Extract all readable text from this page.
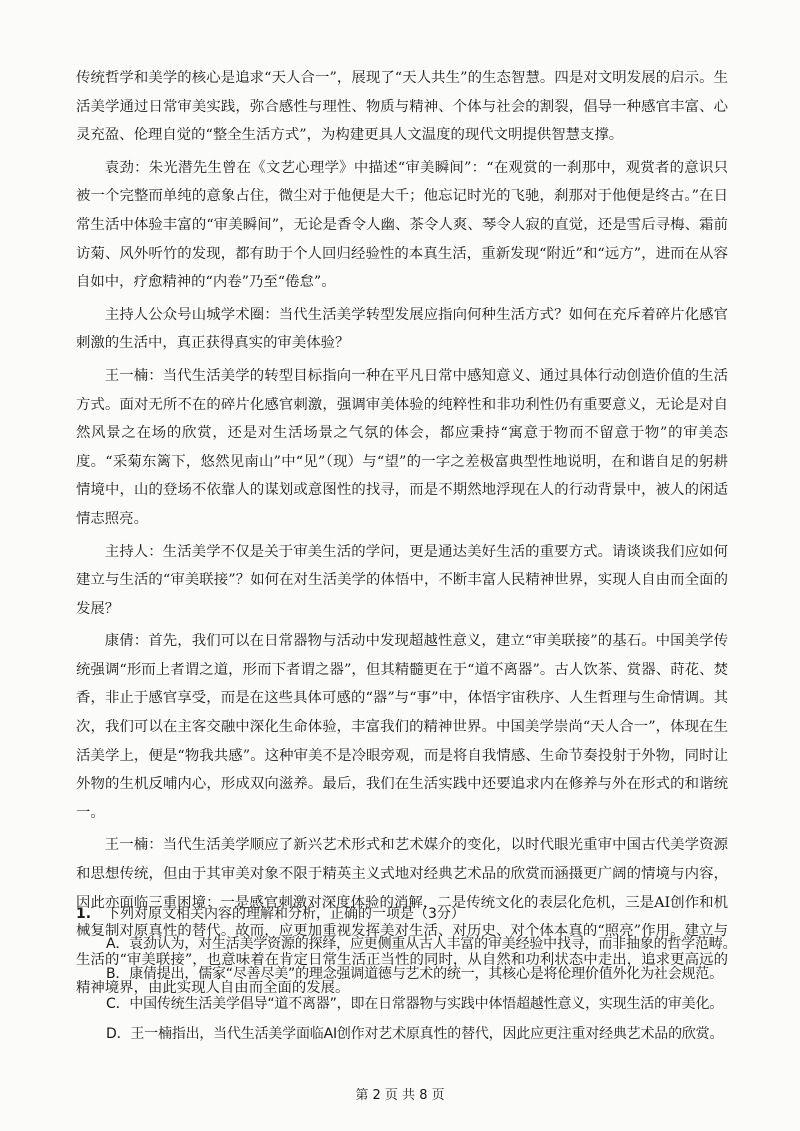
传统哲学和美学的核心是追求“天人合一”，展现了“天人共生”的生态智慧。四是对文明发展的启示。生活美学通过日常审美实践，弥合感性与理性、物质与精神、个体与社会的割裂，倡导一种感官丰富、心灵充盈、伦理自觉的“整全生活方式”，为构建更具人文温度的现代文明提供智慧支撑。

袁劲：朱光潜先生曾在《文艺心理学》中描述“审美瞬间”：“在观赏的一刹那中，观赏者的意识只被一个完整而单纯的意象占住，微尘对于他便是大千；他忘记时光的飞驰，刹那对于他便是终古。”在日常生活中体验丰富的“审美瞬间”，无论是香令人幽、茶令人爽、琴令人寂的直觉，还是雪后寻梅、霜前访菊、风外听竹的发现，都有助于个人回归经验性的本真生活，重新发现“附近”和“远方”，进而在从容自如中，疗愈精神的“内卷”乃至“倦怠”。

主持人公众号山城学术圈：当代生活美学转型发展应指向何种生活方式？如何在充斥着碎片化感官刺激的生活中，真正获得真实的审美体验？

王一楠：当代生活美学的转型目标指向一种在平凡日常中感知意义、通过具体行动创造价值的生活方式。面对无所不在的碎片化感官刺激，强调审美体验的纯粹性和非功利性仍有重要意义，无论是对自然风景之在场的欣赏，还是对生活场景之气氛的体会，都应秉持“寓意于物而不留意于物”的审美态度。“采菊东篱下，悠然见南山”中“见”（现）与“望”的一字之差极富典型性地说明，在和谐自足的躬耕情境中，山的登场不依靠人的谋划或意图性的找寻，而是不期然地浮现在人的行动背景中，被人的闲适情志照亮。

主持人：生活美学不仅是关于审美生活的学问，更是通达美好生活的重要方式。请谈谈我们应如何建立与生活的“审美联接”？如何在对生活美学的体悟中，不断丰富人民精神世界，实现人自由而全面的发展？

康倩：首先，我们可以在日常器物与活动中发现超越性意义，建立“审美联接”的基石。中国美学传统强调“形而上者谓之道，形而下者谓之器”，但其精髓更在于“道不离器”。古人饮茶、赏器、莳花、焚香，非止于感官享受，而是在这些具体可感的“器”与“事”中，体悟宇宙秩序、人生哲理与生命情调。其次，我们可以在主客交融中深化生命体验，丰富我们的精神世界。中国美学崇尚“天人合一”，体现在生活美学上，便是“物我共感”。这种审美不是冷眼旁观，而是将自我情感、生命节奏投射于外物，同时让外物的生机反哺内心，形成双向滋养。最后，我们在生活实践中还要追求内在修养与外在形式的和谐统一。

王一楠：当代生活美学顺应了新兴艺术形式和艺术媒介的变化，以时代眼光重审中国古代美学资源和思想传统，但由于其审美对象不限于精英主义式地对经典艺术品的欣赏而涵摄更广阔的情境与内容，因此亦面临三重困境：一是感官刺激对深度体验的消解，二是传统文化的表层化危机，三是AI创作和机械复制对原真性的替代。故而，应更加重视发挥美对生活、对历史、对个体本真的“照亮”作用。建立与生活的“审美联接”，也意味着在肯定日常生活正当性的同时，从自然和功利状态中走出，追求更高远的精神境界，由此实现人自由而全面的发展。

1.	下列对原文相关内容的理解和分析，正确的一项是（3分）
A．袁劲认为，对生活美学资源的探绎，应更侧重从古人丰富的审美经验中找寻，而非抽象的哲学范畴。
B．康倩提出，儒家“尽善尽美”的理念强调道德与艺术的统一，其核心是将伦理价值外化为社会规范。
C．中国传统生活美学倡导“道不离器”，即在日常器物与实践中体悟超越性意义，实现生活的审美化。
D．王一楠指出，当代生活美学面临AI创作对艺术原真性的替代，因此应更注重对经典艺术品的欣赏。
第 2 页 共 8 页
